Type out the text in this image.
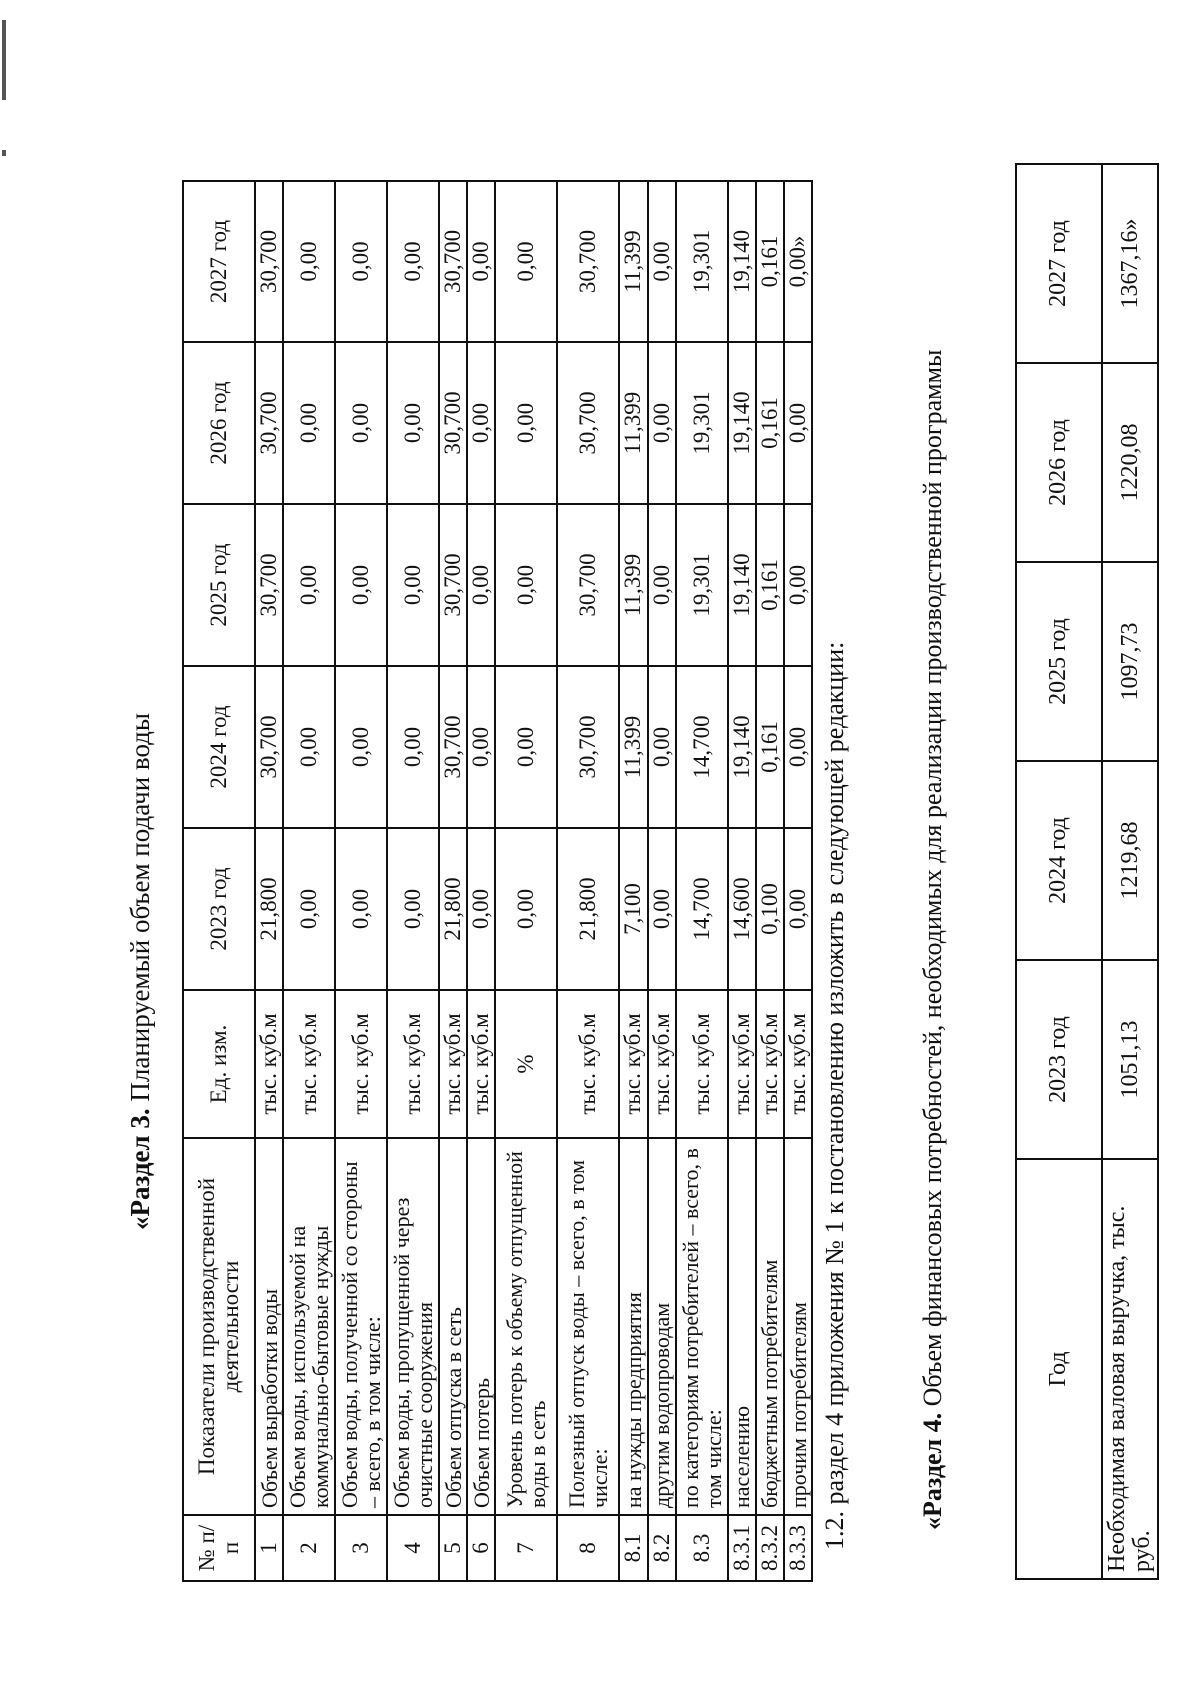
«Раздел 3. Планируемый объем подачи воды
№ п/п	Показатели производственной деятельности	Ед. изм.	2023 год	2024 год	2025 год	2026 год	2027 год
1	Объем выработки воды	тыс. куб.м	21,800	30,700	30,700	30,700	30,700
2	Объем воды, используемой на коммунально-бытовые нужды	тыс. куб.м	0,00	0,00	0,00	0,00	0,00
3	Объем воды, полученной со стороны – всего, в том числе:	тыс. куб.м	0,00	0,00	0,00	0,00	0,00
4	Объем воды, пропущенной через очистные сооружения	тыс. куб.м	0,00	0,00	0,00	0,00	0,00
5	Объем отпуска в сеть	тыс. куб.м	21,800	30,700	30,700	30,700	30,700
6	Объем потерь	тыс. куб.м	0,00	0,00	0,00	0,00	0,00
7	Уровень потерь к объему отпущенной воды в сеть	%	0,00	0,00	0,00	0,00	0,00
8	Полезный отпуск воды – всего, в том числе:	тыс. куб.м	21,800	30,700	30,700	30,700	30,700
8.1	на нужды предприятия	тыс. куб.м	7,100	11,399	11,399	11,399	11,399
8.2	другим водопроводам	тыс. куб.м	0,00	0,00	0,00	0,00	0,00
8.3	по категориям потребителей – всего, в том числе:	тыс. куб.м	14,700	14,700	19,301	19,301	19,301
8.3.1	населению	тыс. куб.м	14,600	19,140	19,140	19,140	19,140
8.3.2	бюджетным потребителям	тыс. куб.м	0,100	0,161	0,161	0,161	0,161
8.3.3	прочим потребителям	тыс. куб.м	0,00	0,00	0,00	0,00	0,00»
1.2. раздел 4 приложения № 1 к постановлению изложить в следующей редакции:	«Раздел 4. Объем финансовых потребностей, необходимых для реализации производственной программы	Год	2023 год	2024 год	2025 год	2026 год	2027 год
Необходимая валовая выручка, тыс. руб.	1051,13	1219,68	1097,73	1220,08	1367,16»
